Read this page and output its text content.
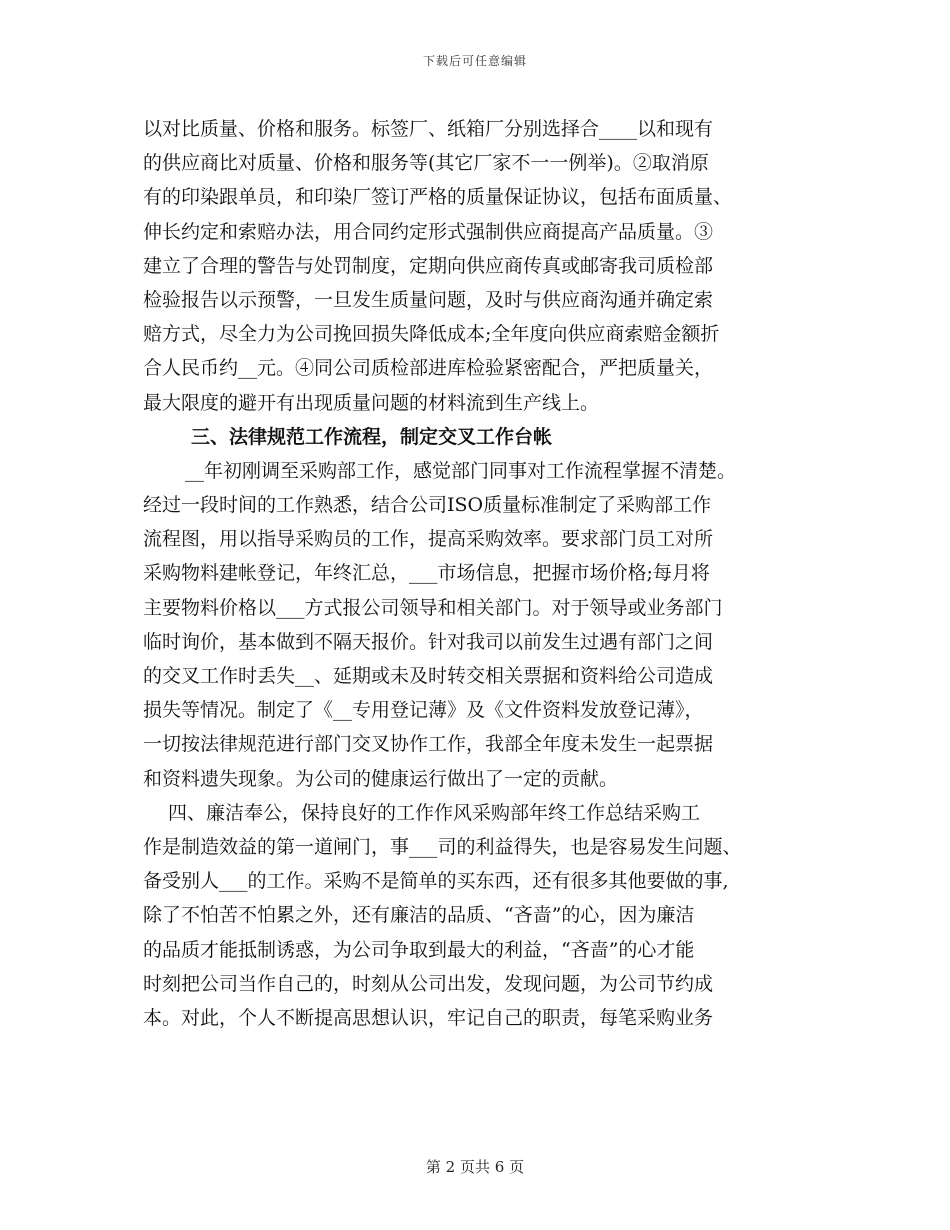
下载后可任意编辑
以对比质量、价格和服务。标签厂、纸箱厂分别选择合____以和现有
的供应商比对质量、价格和服务等(其它厂家不一一例举)。②取消原
有的印染跟单员，和印染厂签订严格的质量保证协议，包括布面质量、
伸长约定和索赔办法，用合同约定形式强制供应商提高产品质量。③
建立了合理的警告与处罚制度，定期向供应商传真或邮寄我司质检部
检验报告以示预警，一旦发生质量问题，及时与供应商沟通并确定索
赔方式，尽全力为公司挽回损失降低成本;全年度向供应商索赔金额折
合人民币约__元。④同公司质检部进库检验紧密配合，严把质量关，
最大限度的避开有出现质量问题的材料流到生产线上。
三、法律规范工作流程，制定交叉工作台帐
__年初刚调至采购部工作，感觉部门同事对工作流程掌握不清楚。
经过一段时间的工作熟悉，结合公司ISO质量标准制定了采购部工作
流程图，用以指导采购员的工作，提高采购效率。要求部门员工对所
采购物料建帐登记，年终汇总，___市场信息，把握市场价格;每月将
主要物料价格以___方式报公司领导和相关部门。对于领导或业务部门
临时询价，基本做到不隔天报价。针对我司以前发生过遇有部门之间
的交叉工作时丢失__、延期或未及时转交相关票据和资料给公司造成
损失等情况。制定了《__专用登记薄》及《文件资料发放登记薄》，
一切按法律规范进行部门交叉协作工作，我部全年度未发生一起票据
和资料遗失现象。为公司的健康运行做出了一定的贡献。
四、廉洁奉公，保持良好的工作作风采购部年终工作总结采购工
作是制造效益的第一道闸门，事___司的利益得失，也是容易发生问题、
备受别人___的工作。采购不是简单的买东西，还有很多其他要做的事,
除了不怕苦不怕累之外，还有廉洁的品质、“吝啬”的心，因为廉洁
的品质才能抵制诱惑，为公司争取到最大的利益，“吝啬”的心才能
时刻把公司当作自己的，时刻从公司出发，发现问题，为公司节约成
本。对此，个人不断提高思想认识，牢记自己的职责，每笔采购业务
第 2 页共 6 页
